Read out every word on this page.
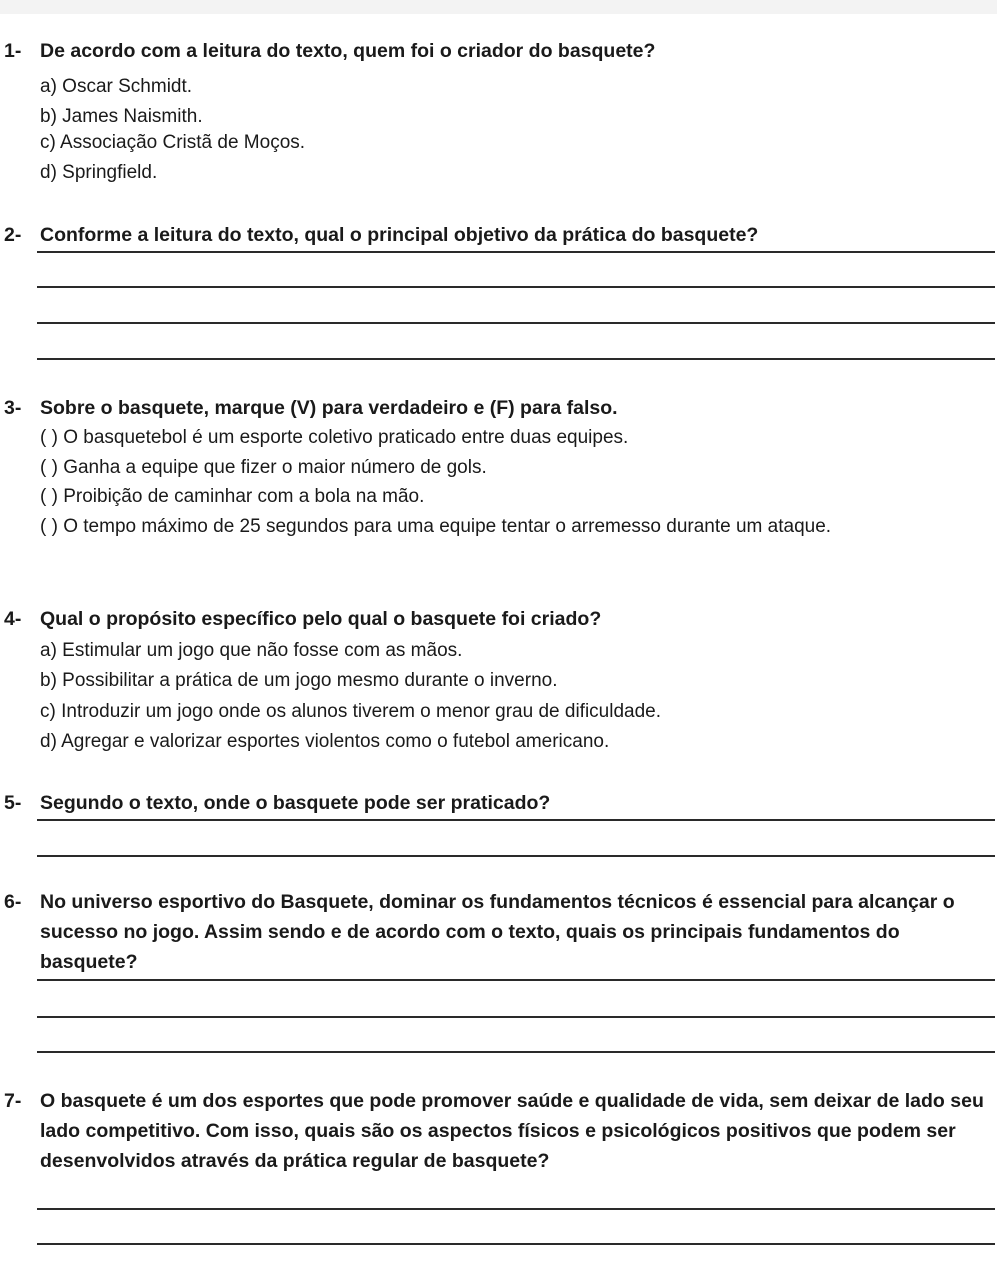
1- De acordo com a leitura do texto, quem foi o criador do basquete?
a) Oscar Schmidt.
b) James Naismith.
c) Associação Cristã de Moços.
d) Springfield.
2- Conforme a leitura do texto, qual o principal objetivo da prática do basquete?
3- Sobre o basquete, marque (V) para verdadeiro e (F) para falso.
( ) O basquetebol é um esporte coletivo praticado entre duas equipes.
( ) Ganha a equipe que fizer o maior número de gols.
( ) Proibição de caminhar com a bola na mão.
( ) O tempo máximo de 25 segundos para uma equipe tentar o arremesso durante um ataque.
4- Qual o propósito específico pelo qual o basquete foi criado?
a) Estimular um jogo que não fosse com as mãos.
b) Possibilitar a prática de um jogo mesmo durante o inverno.
c) Introduzir um jogo onde os alunos tiverem o menor grau de dificuldade.
d) Agregar e valorizar esportes violentos como o futebol americano.
5- Segundo o texto, onde o basquete pode ser praticado?
6- No universo esportivo do Basquete, dominar os fundamentos técnicos é essencial para alcançar o sucesso no jogo. Assim sendo e de acordo com o texto, quais os principais fundamentos do basquete?
7- O basquete é um dos esportes que pode promover saúde e qualidade de vida, sem deixar de lado seu lado competitivo. Com isso, quais são os aspectos físicos e psicológicos positivos que podem ser desenvolvidos através da prática regular de basquete?
